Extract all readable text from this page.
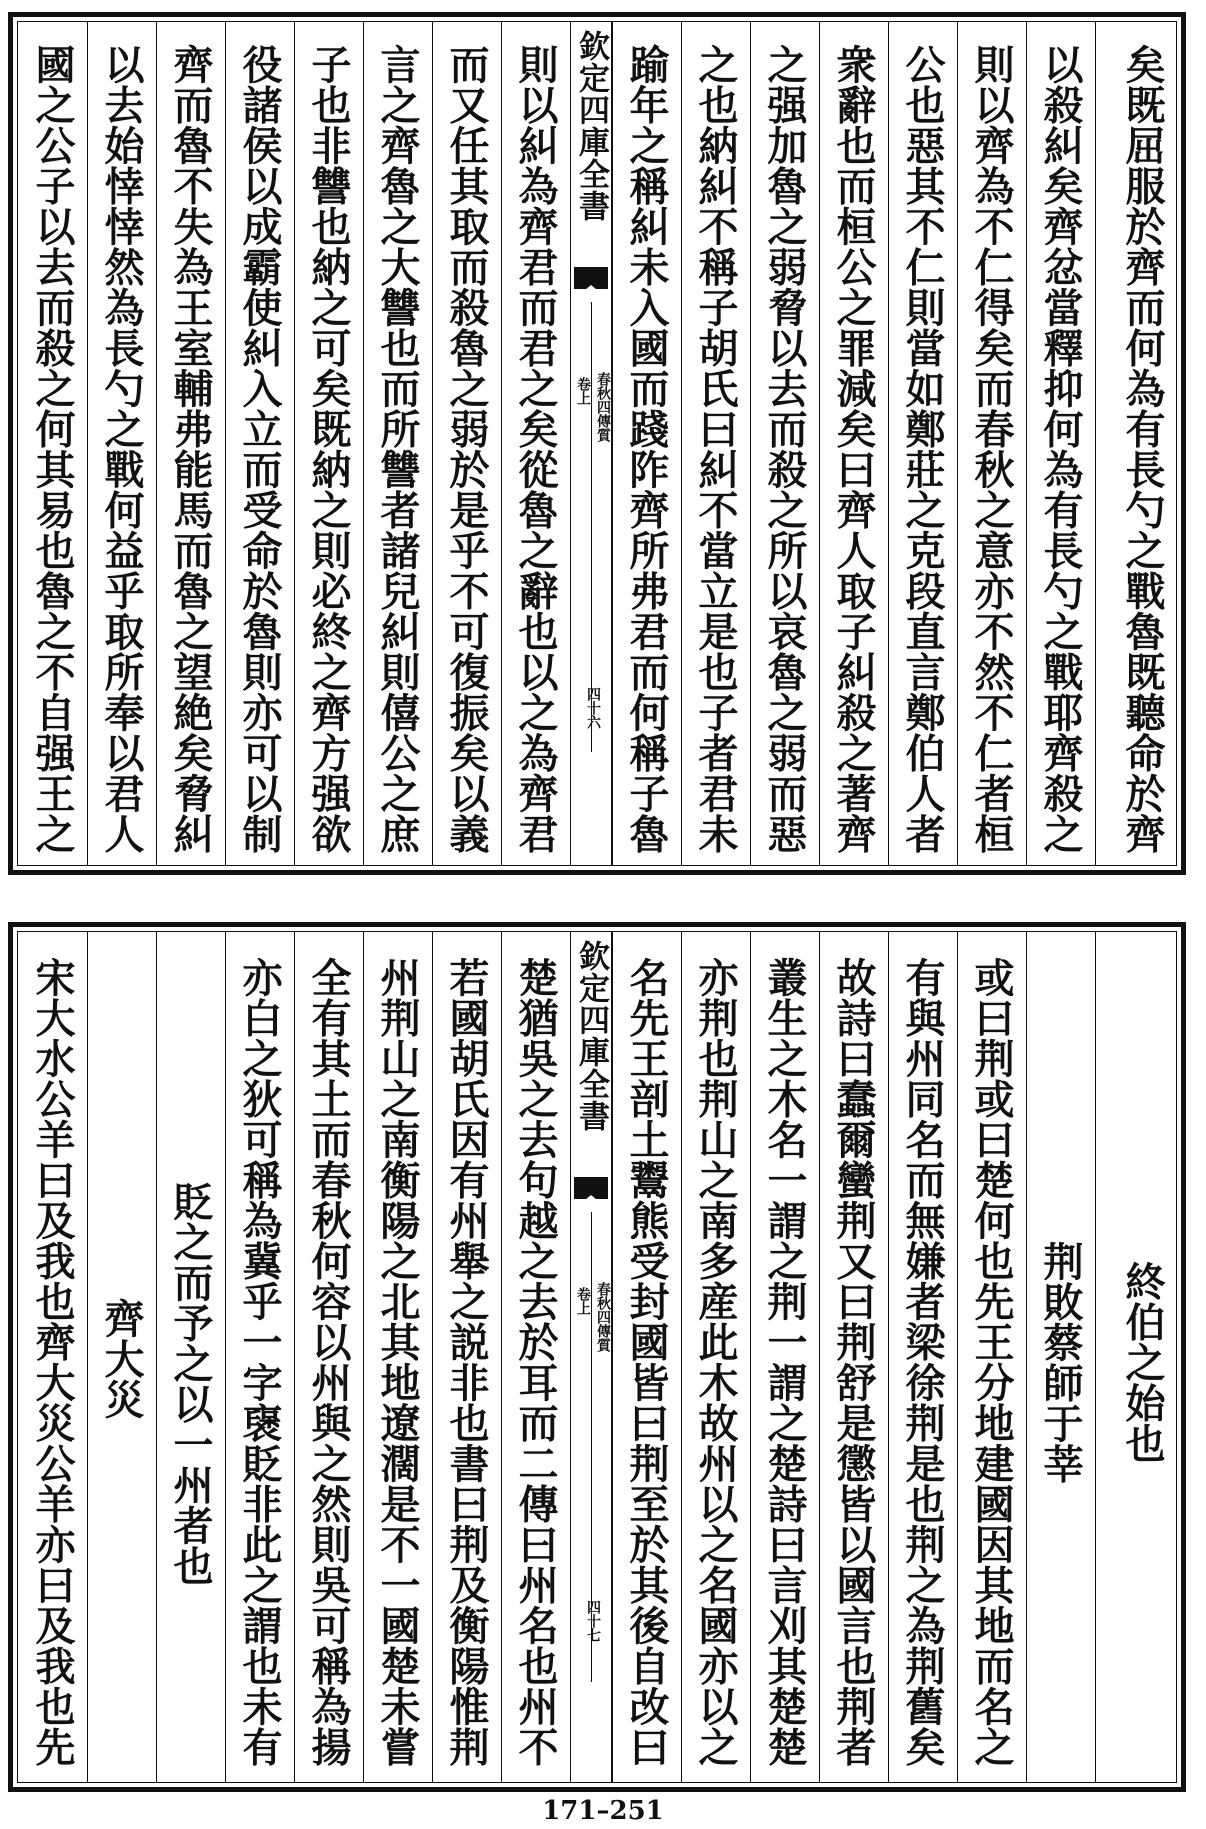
國之公子以去而殺之何其易也魯之不自强王之 以去始悻悻然為長勺之戰何益乎取所奉以君人 齊而魯不失為王室輔弗能馬而魯之望絶矣脅糾 役諸侯以成霸使糾入立而受命於魯則亦可以制 子也非讐也納之可矣既納之則必終之齊方强欲 言之齊魯之大讐也而所讐者諸兒糾則僖公之庶 而又任其取而殺魯之弱於是乎不可復振矣以義 則以糾為齊君而君之矣從魯之辭也以之為齊君 欽定四庫全書
春秋四傳質
卷上
四十六 踰年之稱糾未入國而踐阼齊所弗君而何稱子魯 之也納糾不稱子胡氏曰糾不當立是也子者君未 之强加魯之弱脅以去而殺之所以哀魯之弱而惡 衆辭也而桓公之罪減矣曰齊人取子糾殺之著齊 公也惡其不仁則當如鄭莊之克段直言鄭伯人者 則以齊為不仁得矣而春秋之意亦不然不仁者桓 以殺糾矣齊忿當釋抑何為有長勺之戰耶齊殺之 矣既屈服於齊而何為有長勺之戰魯既聽命於齊
宋大水公羊曰及我也齊大災公羊亦曰及我也先 齊大災 貶之而予之以一州者也 亦白之狄可稱為冀乎一字襃貶非此之謂也未有 全有其土而春秋何容以州與之然則吳可稱為揚 州荆山之南衡陽之北其地遼濶是不一國楚未嘗 若國胡氏因有州舉之説非也書曰荆及衡陽惟荆 楚猶吳之去句越之去於耳而二傳曰州名也州不 欽定四庫全書
春秋四傳質
卷上
四十七 名先王剖土鬻熊受封國皆曰荆至於其後自改曰 亦荆也荆山之南多産此木故州以之名國亦以之 叢生之木名一謂之荆一謂之楚詩曰言刈其楚楚 故詩曰蠢爾蠻荆又曰荆舒是懲皆以國言也荆者 有與州同名而無嫌者梁徐荆是也荆之為荆舊矣 或曰荆或曰楚何也先王分地建國因其地而名之 荆敗蔡師于莘 終伯之始也
171–251
